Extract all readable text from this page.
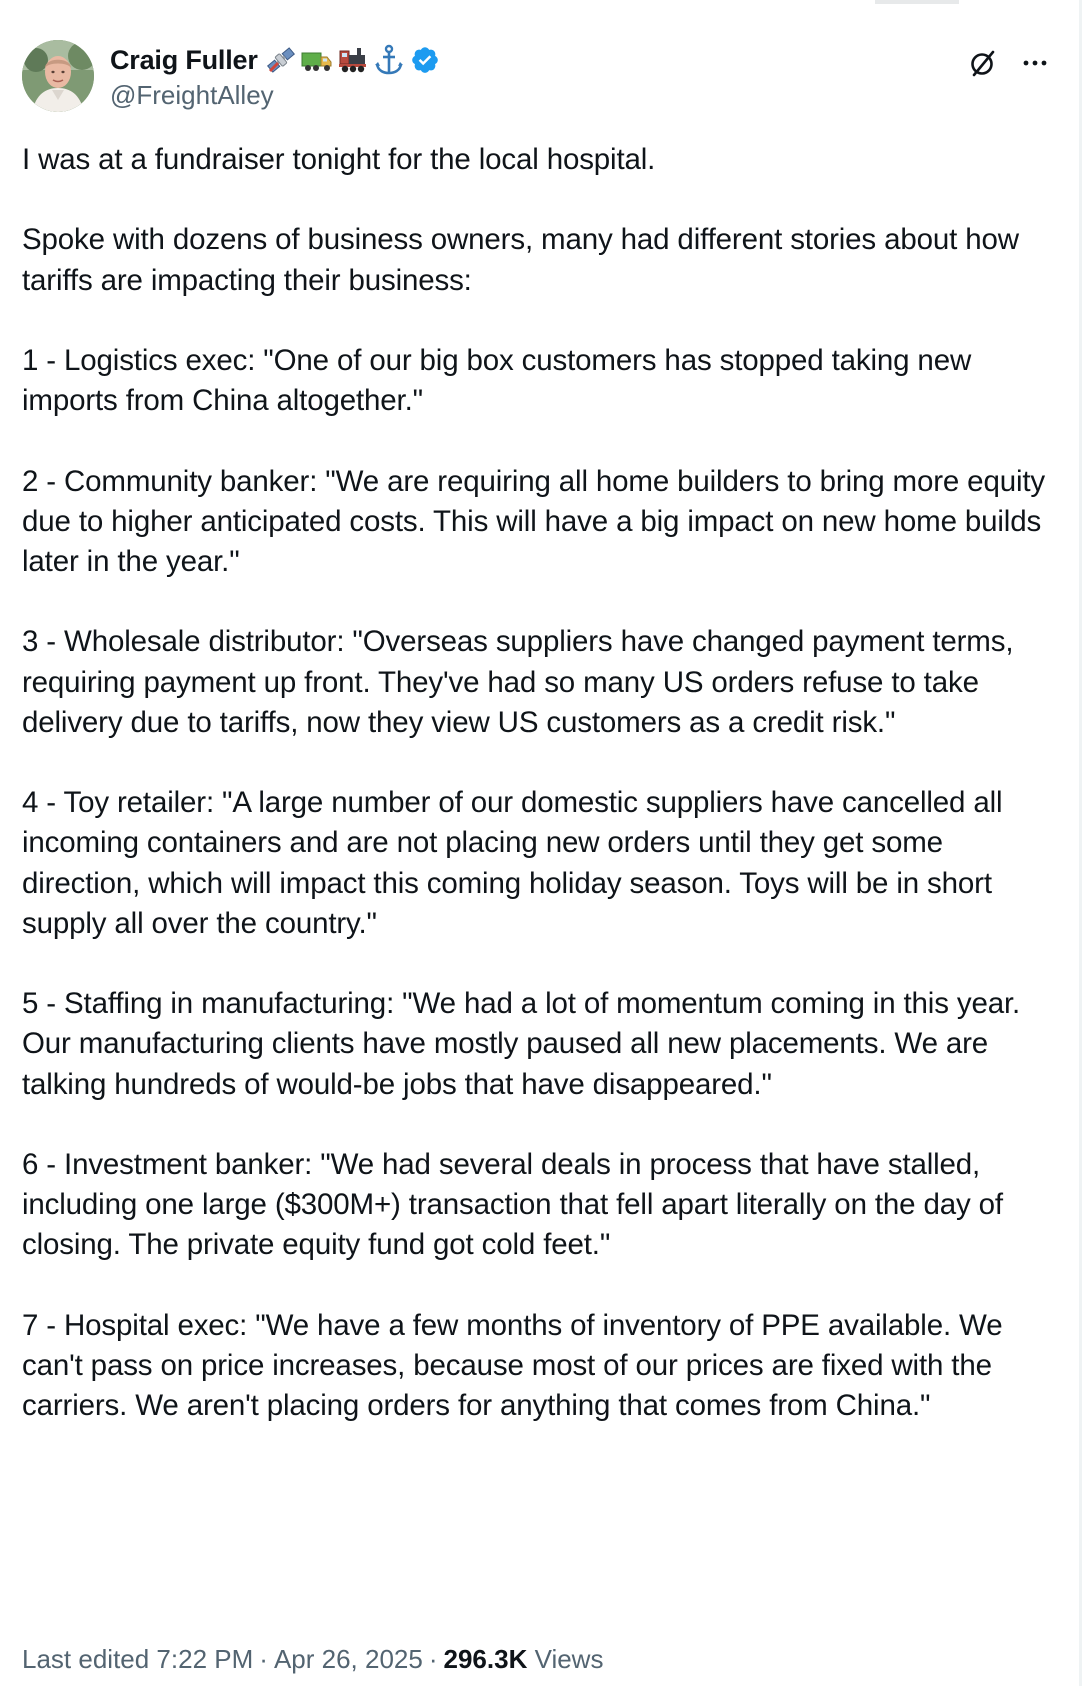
Craig Fuller
@FreightAlley

I was at a fundraiser tonight for the local hospital.

Spoke with dozens of business owners, many had different stories about how tariffs are impacting their business:

1 - Logistics exec: "One of our big box customers has stopped taking new imports from China altogether."

2 - Community banker: "We are requiring all home builders to bring more equity due to higher anticipated costs. This will have a big impact on new home builds later in the year."

3 - Wholesale distributor: "Overseas suppliers have changed payment terms, requiring payment up front. They've had so many US orders refuse to take delivery due to tariffs, now they view US customers as a credit risk."

4 - Toy retailer: "A large number of our domestic suppliers have cancelled all incoming containers and are not placing new orders until they get some direction, which will impact this coming holiday season. Toys will be in short supply all over the country."

5 - Staffing in manufacturing: "We had a lot of momentum coming in this year. Our manufacturing clients have mostly paused all new placements. We are talking hundreds of would-be jobs that have disappeared."

6 - Investment banker: "We had several deals in process that have stalled, including one large ($300M+) transaction that fell apart literally on the day of closing. The private equity fund got cold feet."

7 - Hospital exec: "We have a few months of inventory of PPE available. We can't pass on price increases, because most of our prices are fixed with the carriers. We aren't placing orders for anything that comes from China."

Last edited 7:22 PM · Apr 26, 2025 · 296.3K Views
